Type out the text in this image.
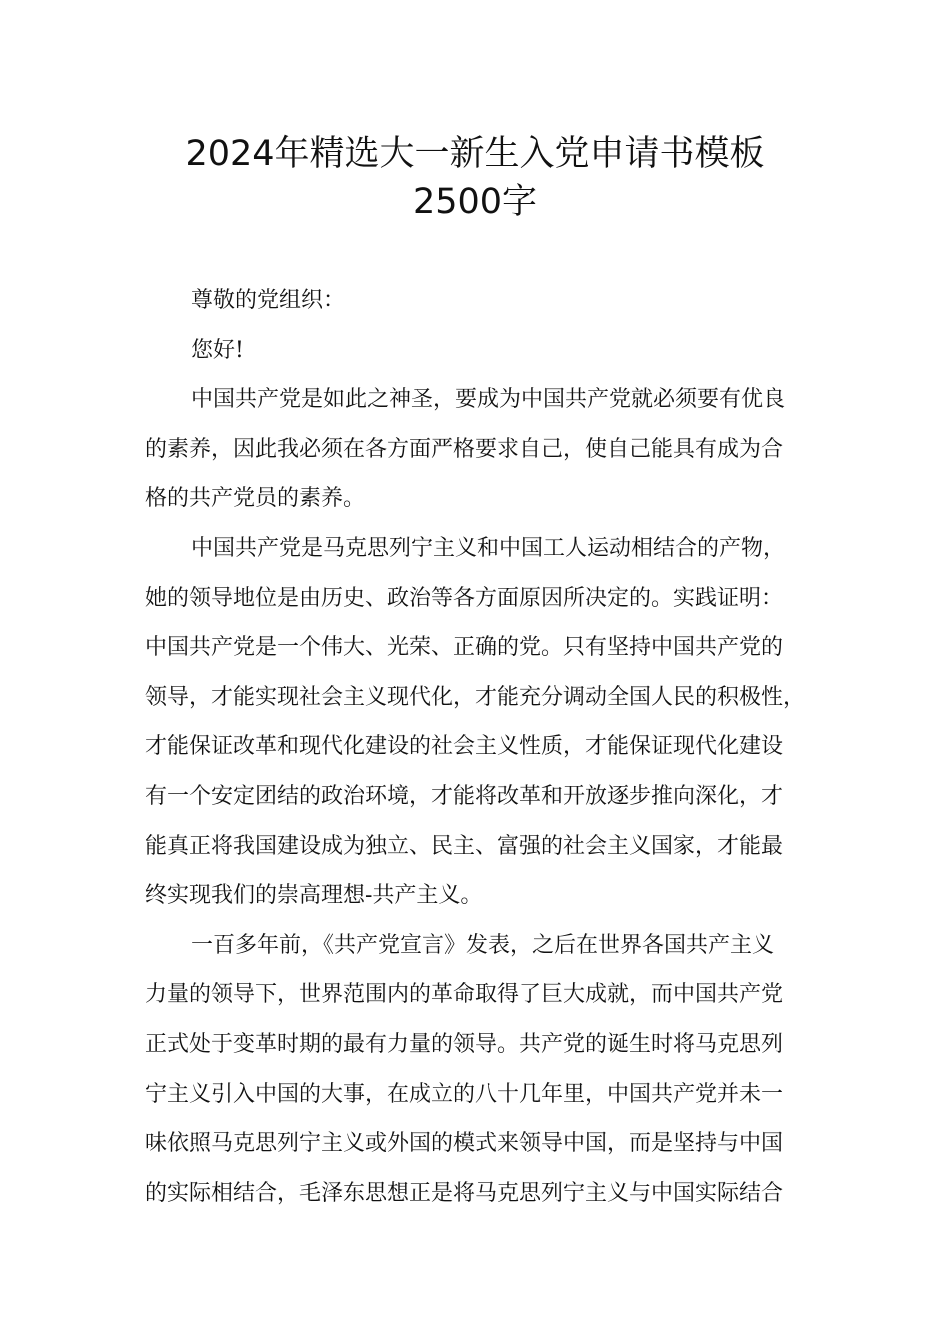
2024年精选大一新生入党申请书模板
2500字
尊敬的党组织：
您好!
中国共产党是如此之神圣，要成为中国共产党就必须要有优良
的素养，因此我必须在各方面严格要求自己，使自己能具有成为合
格的共产党员的素养。
中国共产党是马克思列宁主义和中国工人运动相结合的产物，
她的领导地位是由历史、政治等各方面原因所决定的。实践证明：
中国共产党是一个伟大、光荣、正确的党。只有坚持中国共产党的
领导，才能实现社会主义现代化，才能充分调动全国人民的积极性，
才能保证改革和现代化建设的社会主义性质，才能保证现代化建设
有一个安定团结的政治环境，才能将改革和开放逐步推向深化，才
能真正将我国建设成为独立、民主、富强的社会主义国家，才能最
终实现我们的崇高理想-共产主义。
一百多年前，《共产党宣言》发表，之后在世界各国共产主义
力量的领导下，世界范围内的革命取得了巨大成就，而中国共产党
正式处于变革时期的最有力量的领导。共产党的诞生时将马克思列
宁主义引入中国的大事，在成立的八十几年里，中国共产党并未一
味依照马克思列宁主义或外国的模式来领导中国，而是坚持与中国
的实际相结合，毛泽东思想正是将马克思列宁主义与中国实际结合
